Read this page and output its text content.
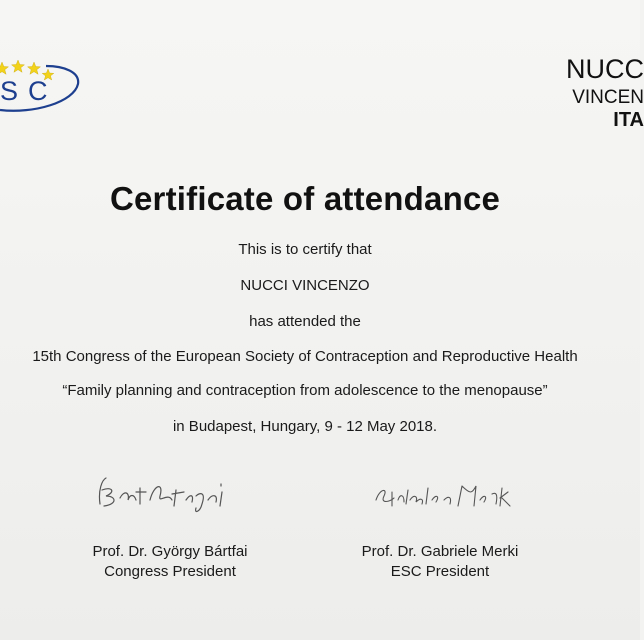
SC
NUCC
VINCEN
ITA
Certificate of attendance
This is to certify that
NUCCI VINCENZO
has attended the
15th Congress of the European Society of Contraception and Reproductive Health
“Family planning and contraception from adolescence to the menopause”
in Budapest, Hungary, 9 - 12 May 2018.
Prof. Dr. György Bártfai
Congress President
Prof. Dr. Gabriele Merki
ESC President
